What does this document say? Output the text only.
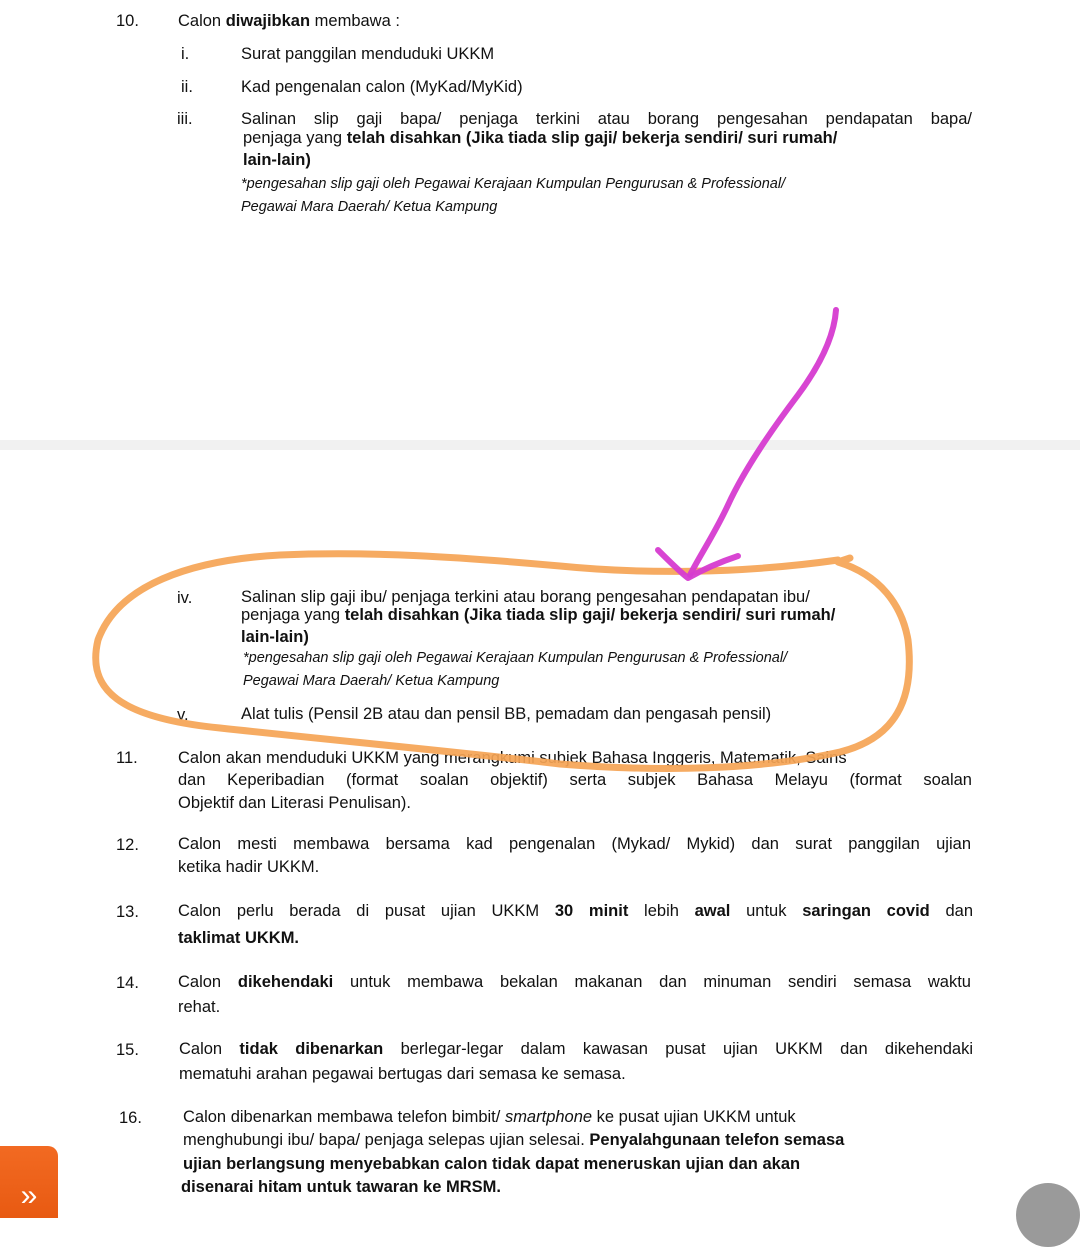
10. Calon diwajibkan membawa :
i.	Surat panggilan menduduki UKKM
ii.	Kad pengenalan calon (MyKad/MyKid)
iii.	Salinan slip gaji bapa/ penjaga terkini atau borang pengesahan pendapatan bapa/
penjaga yang telah disahkan (Jika tiada slip gaji/ bekerja sendiri/ suri rumah/
lain-lain)
*pengesahan slip gaji oleh Pegawai Kerajaan Kumpulan Pengurusan & Professional/
Pegawai Mara Daerah/ Ketua Kampung
iv.	Salinan slip gaji ibu/ penjaga terkini atau borang pengesahan pendapatan ibu/
penjaga yang telah disahkan (Jika tiada slip gaji/ bekerja sendiri/ suri rumah/
lain-lain)
*pengesahan slip gaji oleh Pegawai Kerajaan Kumpulan Pengurusan & Professional/
Pegawai Mara Daerah/ Ketua Kampung
v.	Alat tulis (Pensil 2B atau dan pensil BB, pemadam dan pengasah pensil)
11. Calon akan menduduki UKKM yang merangkumi subjek Bahasa Inggeris, Matematik, Sains
dan Keperibadian (format soalan objektif) serta subjek Bahasa Melayu (format soalan
Objektif dan Literasi Penulisan).
12. Calon mesti membawa bersama kad pengenalan (Mykad/ Mykid) dan surat panggilan ujian
ketika hadir UKKM.
13. Calon perlu berada di pusat ujian UKKM 30 minit lebih awal untuk saringan covid dan
taklimat UKKM.
14. Calon dikehendaki untuk membawa bekalan makanan dan minuman sendiri semasa waktu
rehat.
15. Calon tidak dibenarkan berlegar-legar dalam kawasan pusat ujian UKKM dan dikehendaki
mematuhi arahan pegawai bertugas dari semasa ke semasa.
16. Calon dibenarkan membawa telefon bimbit/ smartphone ke pusat ujian UKKM untuk
menghubungi ibu/ bapa/ penjaga selepas ujian selesai. Penyalahgunaan telefon semasa
ujian berlangsung menyebabkan calon tidak dapat meneruskan ujian dan akan
disenarai hitam untuk tawaran ke MRSM.
»
